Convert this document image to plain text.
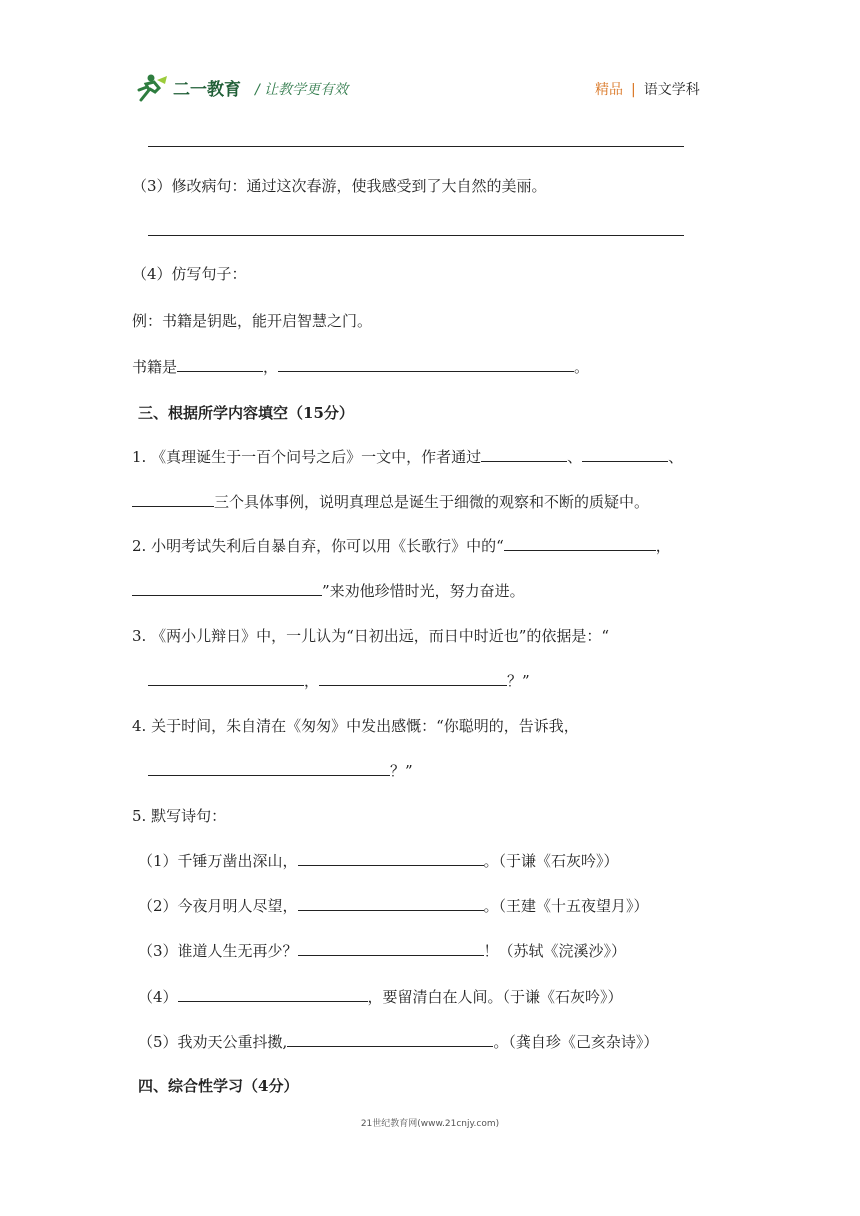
二一教育 / 让教学更有效	精品 | 语文学科
（3）修改病句：通过这次春游，使我感受到了大自然的美丽。
（4）仿写句子：
例：书籍是钥匙，能开启智慧之门。
书籍是	，	。
三、根据所学内容填空（15分）
1. 《真理诞生于一百个问号之后》一文中，作者通过	、	、
三个具体事例，说明真理总是诞生于细微的观察和不断的质疑中。
2. 小明考试失利后自暴自弃，你可以用《长歌行》中的“	，
”来劝他珍惜时光，努力奋进。
3. 《两小儿辩日》中，一儿认为“日初出远，而日中时近也”的依据是：“
，	？”
4. 关于时间，朱自清在《匆匆》中发出感慨：“你聪明的，告诉我，
？”
5. 默写诗句：
（1）千锤万凿出深山，	。（于谦《石灰吟》）
（2）今夜月明人尽望，	。（王建《十五夜望月》）
（3）谁道人生无再少？	！（苏轼《浣溪沙》）
（4）	，要留清白在人间。（于谦《石灰吟》）
（5）我劝天公重抖擞,	。（龚自珍《己亥杂诗》）
四、综合性学习（4分）
21世纪教育网(www.21cnjy.com)
